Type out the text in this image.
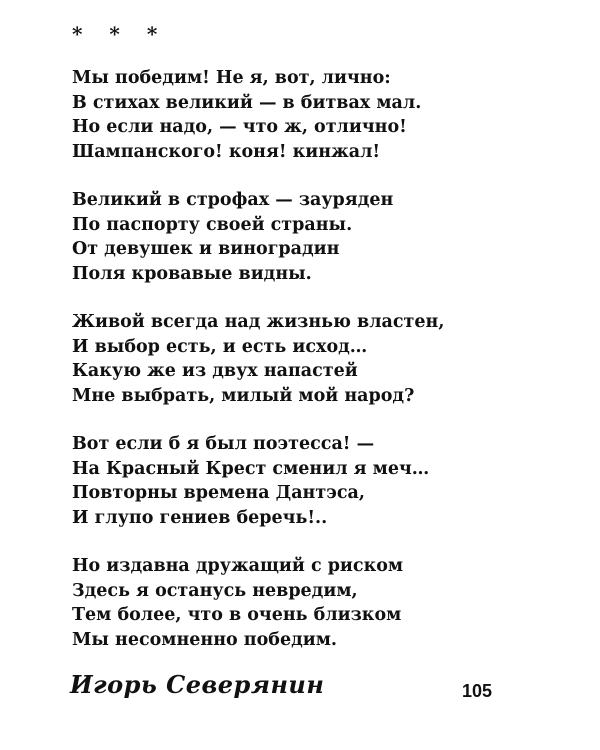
* * *
Мы победим! Не я, вот, лично:
В стихах великий — в битвах мал.
Но если надо, — что ж, отлично!
Шампанского! коня! кинжал!
Великий в строфах — зауряден
По паспорту своей страны.
От девушек и виноградин
Поля кровавые видны.
Живой всегда над жизнью властен,
И выбор есть, и есть исход…
Какую же из двух напастей
Мне выбрать, милый мой народ?
Вот если б я был поэтесса! —
На Красный Крест сменил я меч…
Повторны времена Дантэса,
И глупо гениев беречь!..
Но издавна дружащий с риском
Здесь я останусь невредим,
Тем более, что в очень близком
Мы несомненно победим.
Игорь Северянин	105
